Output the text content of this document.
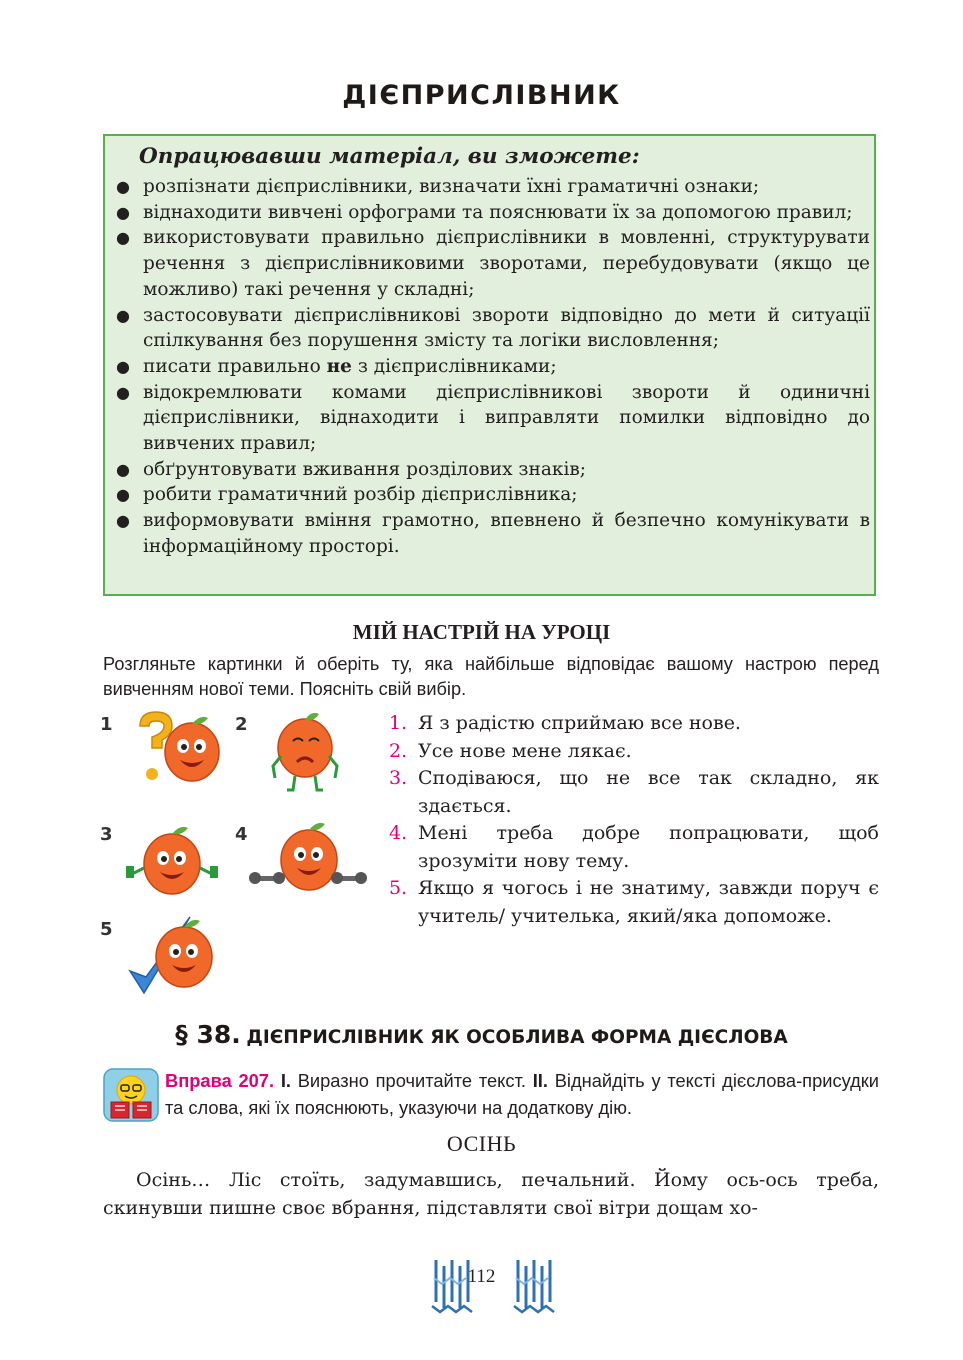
ДІЄПРИСЛІВНИК
Опрацювавши матеріал, ви зможете:
● розпізнати дієприслівники, визначати їхні граматичні ознаки;
● віднаходити вивчені орфограми та пояснювати їх за допомогою правил;
● використовувати правильно дієприслівники в мовленні, структурувати речення з дієприслівниковими зворотами, перебудовувати (якщо це можливо) такі речення у складні;
● застосовувати дієприслівникові звороти відповідно до мети й ситуації спілкування без порушення змісту та логіки висловлення;
● писати правильно не з дієприслівниками;
● відокремлювати комами дієприслівникові звороти й одиничні дієприслівники, віднаходити і виправляти помилки відповідно до вивчених правил;
● обґрунтовувати вживання розділових знаків;
● робити граматичний розбір дієприслівника;
● виформовувати вміння грамотно, впевнено й безпечно комунікувати в інформаційному просторі.
МІЙ НАСТРІЙ НА УРОЦІ
Розгляньте картинки й оберіть ту, яка найбільше відповідає вашому настрою перед вивченням нової теми. Поясніть свій вибір.
1	2
3	4
5
1. Я з радістю сприймаю все нове.
2. Усе нове мене лякає.
3. Сподіваюся, що не все так складно, як здається.
4. Мені треба добре попрацювати, щоб зрозуміти нову тему.
5. Якщо я чогось і не знатиму, завжди поруч є учитель/ учителька, який/яка допоможе.
§ 38. ДІЄПРИСЛІВНИК ЯК ОСОБЛИВА ФОРМА ДІЄСЛОВА
Вправа 207. I. Виразно прочитайте текст. II. Віднайдіть у тексті дієслова-присудки та слова, які їх пояснюють, указуючи на додаткову дію.
ОСІНЬ
Осінь… Ліс стоїть, задумавшись, печальний. Йому ось-ось треба, скинувши пишне своє вбрання, підставляти свої вітри дощам хо-
112
